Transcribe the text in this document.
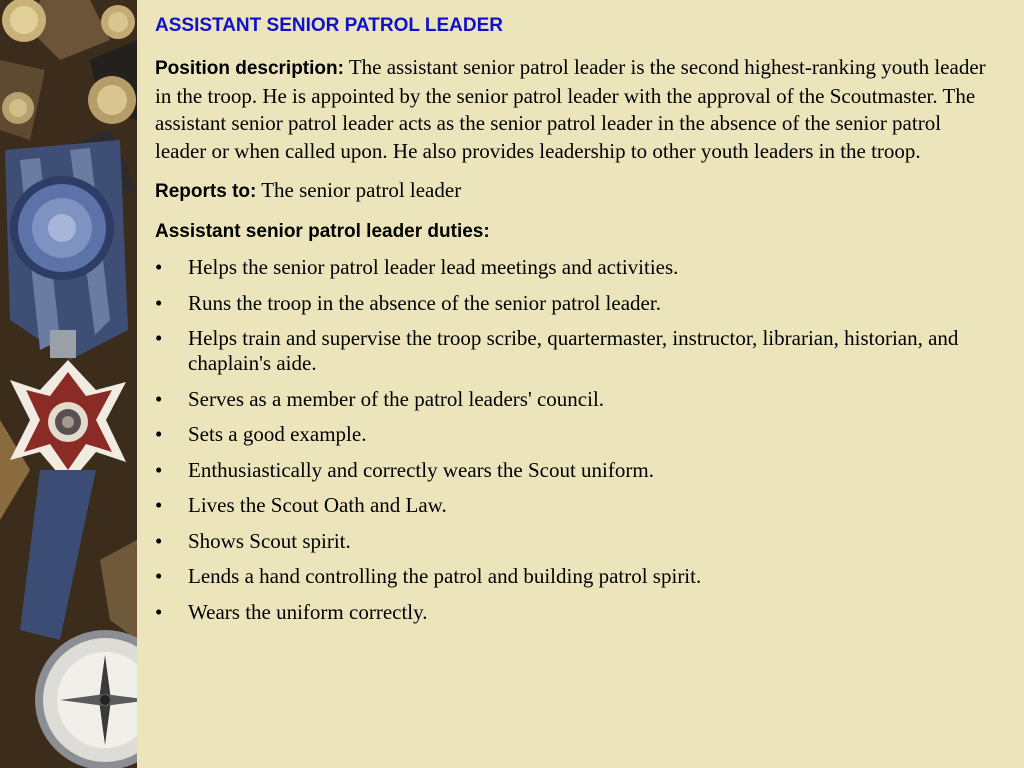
ASSISTANT SENIOR PATROL LEADER

Position description: The assistant senior patrol leader is the second highest-ranking youth leader in the troop. He is appointed by the senior patrol leader with the approval of the Scoutmaster. The assistant senior patrol leader acts as the senior patrol leader in the absence of the senior patrol leader or when called upon. He also provides leadership to other youth leaders in the troop.

Reports to: The senior patrol leader

Assistant senior patrol leader duties:
• Helps the senior patrol leader lead meetings and activities.
• Runs the troop in the absence of the senior patrol leader.
• Helps train and supervise the troop scribe, quartermaster, instructor, librarian, historian, and chaplain's aide.
• Serves as a member of the patrol leaders' council.
• Sets a good example.
• Enthusiastically and correctly wears the Scout uniform.
• Lives the Scout Oath and Law.
• Shows Scout spirit.
• Lends a hand controlling the patrol and building patrol spirit.
• Wears the uniform correctly.
